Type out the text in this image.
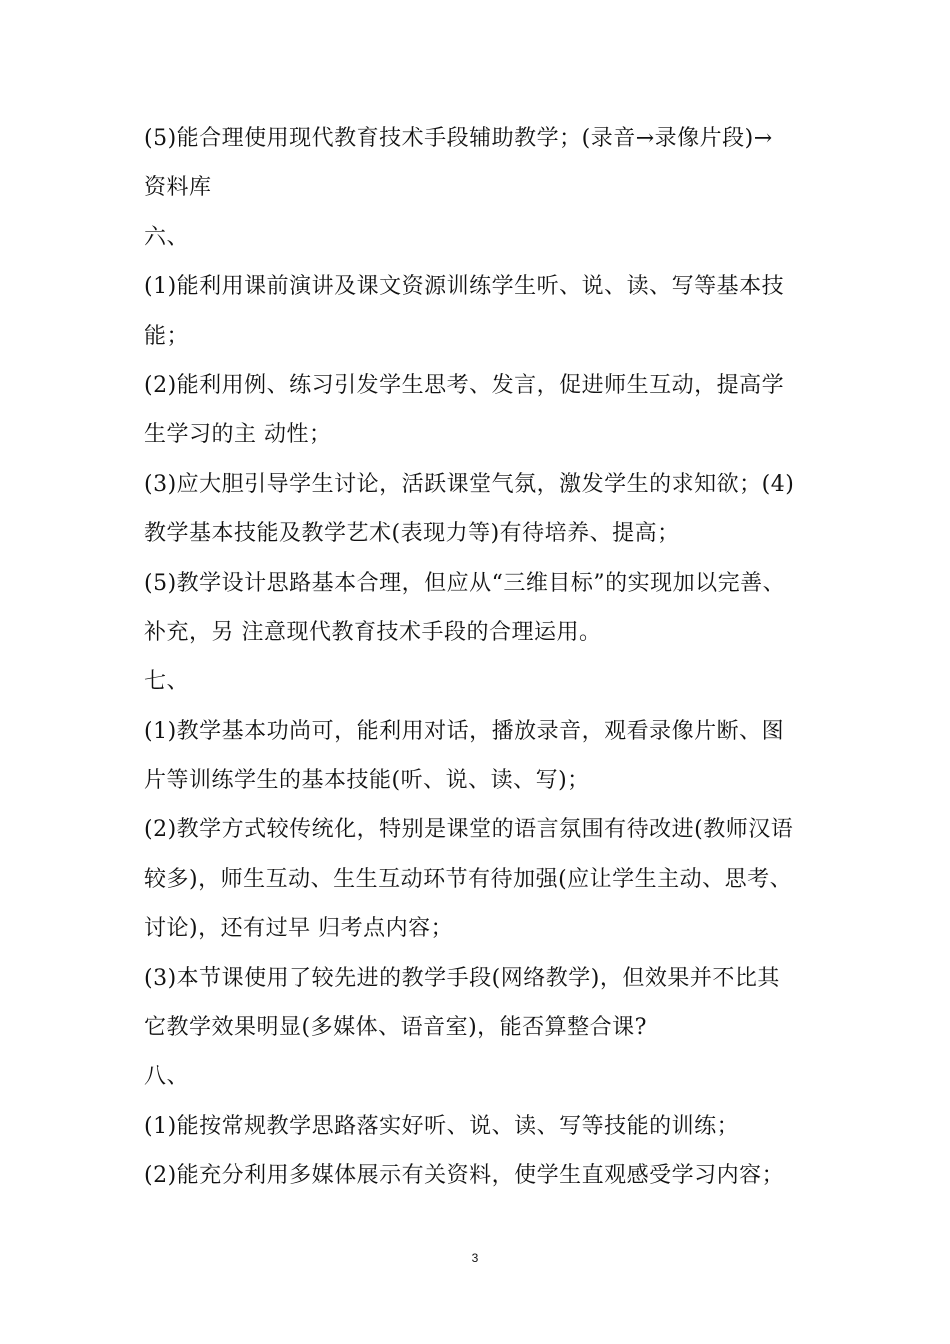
(5)能合理使用现代教育技术手段辅助教学；(录音→录像片段)→
资料库
六、
(1)能利用课前演讲及课文资源训练学生听、说、读、写等基本技
能；
(2)能利用例、练习引发学生思考、发言，促进师生互动，提高学
生学习的主 动性；
(3)应大胆引导学生讨论，活跃课堂气氛，激发学生的求知欲；(4)
教学基本技能及教学艺术(表现力等)有待培养、提高；
(5)教学设计思路基本合理，但应从“三维目标”的实现加以完善、
补充，另 注意现代教育技术手段的合理运用。
七、
(1)教学基本功尚可，能利用对话，播放录音，观看录像片断、图
片等训练学生的基本技能(听、说、读、写)；
(2)教学方式较传统化，特别是课堂的语言氛围有待改进(教师汉语
较多)，师生互动、生生互动环节有待加强(应让学生主动、思考、
讨论)，还有过早 归考点内容；
(3)本节课使用了较先进的教学手段(网络教学)，但效果并不比其
它教学效果明显(多媒体、语音室)，能否算整合课?
八、
(1)能按常规教学思路落实好听、说、读、写等技能的训练；
(2)能充分利用多媒体展示有关资料，使学生直观感受学习内容；
3
